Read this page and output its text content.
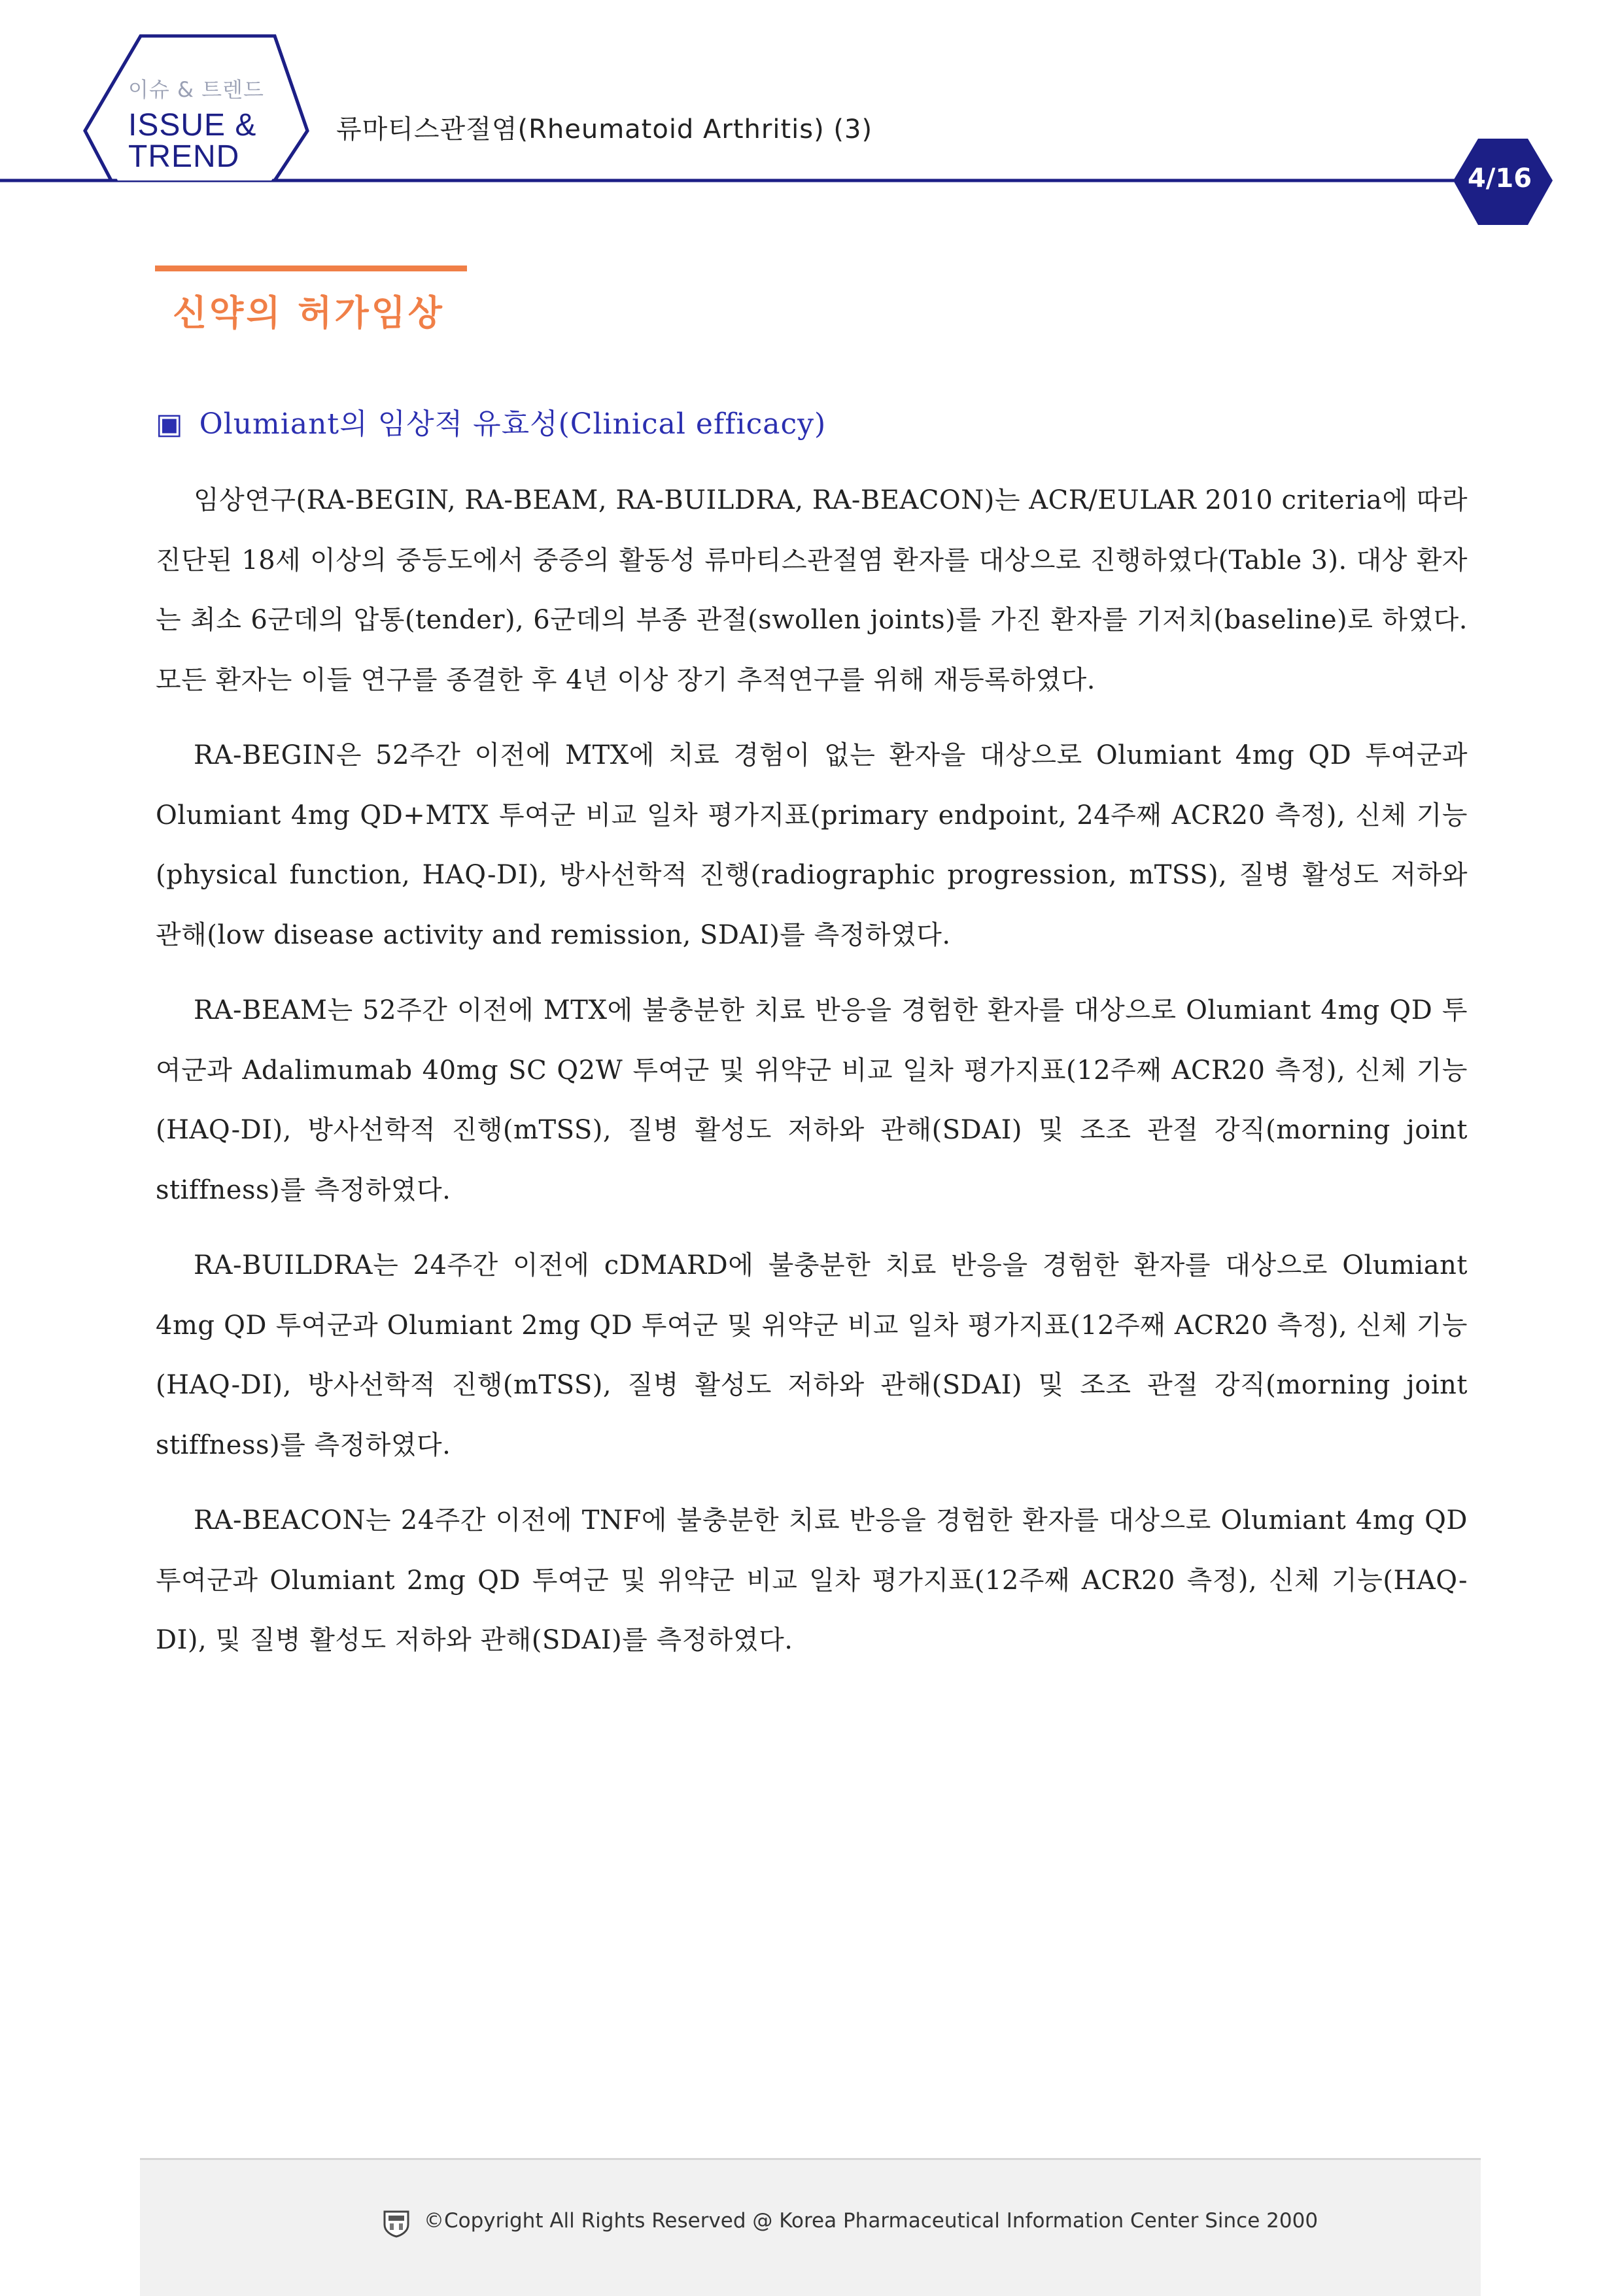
이슈 & 트렌드
ISSUE &
TREND
류마티스관절염(Rheumatoid Arthritis) (3)
4/16
신약의 허가임상
▣ Olumiant의 임상적 유효성(Clinical efficacy)

임상연구(RA-BEGIN, RA-BEAM, RA-BUILDRA, RA-BEACON)는 ACR/EULAR 2010 criteria에 따라 진단된 18세 이상의 중등도에서 중증의 활동성 류마티스관절염 환자를 대상으로 진행하였다(Table 3). 대상 환자는 최소 6군데의 압통(tender), 6군데의 부종 관절(swollen joints)를 가진 환자를 기저치(baseline)로 하였다. 모든 환자는 이들 연구를 종결한 후 4년 이상 장기 추적연구를 위해 재등록하였다.

RA-BEGIN은 52주간 이전에 MTX에 치료 경험이 없는 환자을 대상으로 Olumiant 4mg QD 투여군과 Olumiant 4mg QD+MTX 투여군 비교 일차 평가지표(primary endpoint, 24주째 ACR20 측정), 신체 기능(physical function, HAQ-DI), 방사선학적 진행(radiographic progression, mTSS), 질병 활성도 저하와 관해(low disease activity and remission, SDAI)를 측정하였다.

RA-BEAM는 52주간 이전에 MTX에 불충분한 치료 반응을 경험한 환자를 대상으로 Olumiant 4mg QD 투여군과 Adalimumab 40mg SC Q2W 투여군 및 위약군 비교 일차 평가지표(12주째 ACR20 측정), 신체 기능(HAQ-DI), 방사선학적 진행(mTSS), 질병 활성도 저하와 관해(SDAI) 및 조조 관절 강직(morning joint stiffness)를 측정하였다.

RA-BUILDRA는 24주간 이전에 cDMARD에 불충분한 치료 반응을 경험한 환자를 대상으로 Olumiant 4mg QD 투여군과 Olumiant 2mg QD 투여군 및 위약군 비교 일차 평가지표(12주째 ACR20 측정), 신체 기능(HAQ-DI), 방사선학적 진행(mTSS), 질병 활성도 저하와 관해(SDAI) 및 조조 관절 강직(morning joint stiffness)를 측정하였다.

RA-BEACON는 24주간 이전에 TNF에 불충분한 치료 반응을 경험한 환자를 대상으로 Olumiant 4mg QD 투여군과 Olumiant 2mg QD 투여군 및 위약군 비교 일차 평가지표(12주째 ACR20 측정), 신체 기능(HAQ-DI), 및 질병 활성도 저하와 관해(SDAI)를 측정하였다.

©Copyright All Rights Reserved @ Korea Pharmaceutical Information Center Since 2000
